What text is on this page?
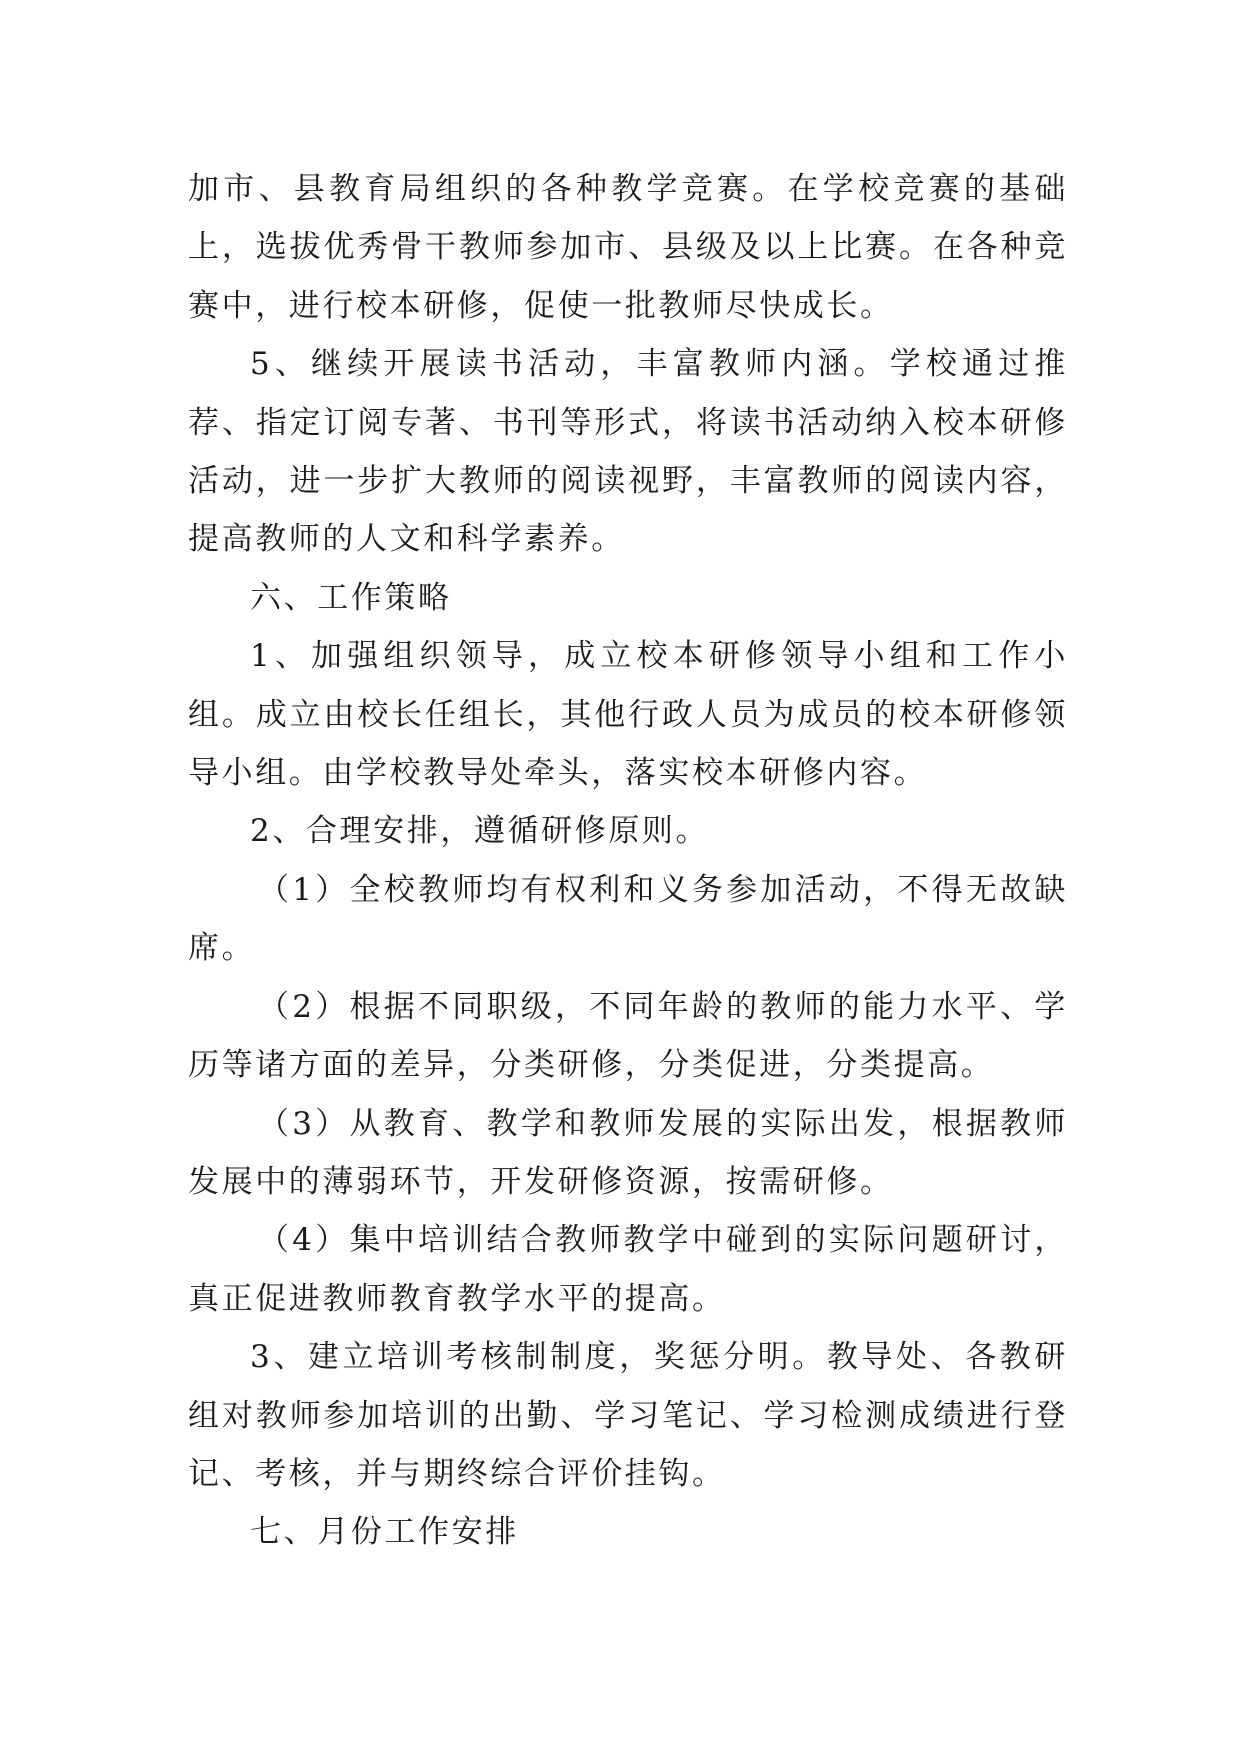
加市、县教育局组织的各种教学竞赛。在学校竞赛的基础上，选拔优秀骨干教师参加市、县级及以上比赛。在各种竞赛中，进行校本研修，促使一批教师尽快成长。

5、继续开展读书活动，丰富教师内涵。学校通过推荐、指定订阅专著、书刊等形式，将读书活动纳入校本研修活动，进一步扩大教师的阅读视野，丰富教师的阅读内容，提高教师的人文和科学素养。

六、工作策略

1、加强组织领导，成立校本研修领导小组和工作小组。成立由校长任组长，其他行政人员为成员的校本研修领导小组。由学校教导处牵头，落实校本研修内容。

2、合理安排，遵循研修原则。

（1）全校教师均有权利和义务参加活动，不得无故缺席。

（2）根据不同职级，不同年龄的教师的能力水平、学历等诸方面的差异，分类研修，分类促进，分类提高。

（3）从教育、教学和教师发展的实际出发，根据教师发展中的薄弱环节，开发研修资源，按需研修。

（4）集中培训结合教师教学中碰到的实际问题研讨，真正促进教师教育教学水平的提高。

3、建立培训考核制制度，奖惩分明。教导处、各教研组对教师参加培训的出勤、学习笔记、学习检测成绩进行登记、考核，并与期终综合评价挂钩。

七、月份工作安排
